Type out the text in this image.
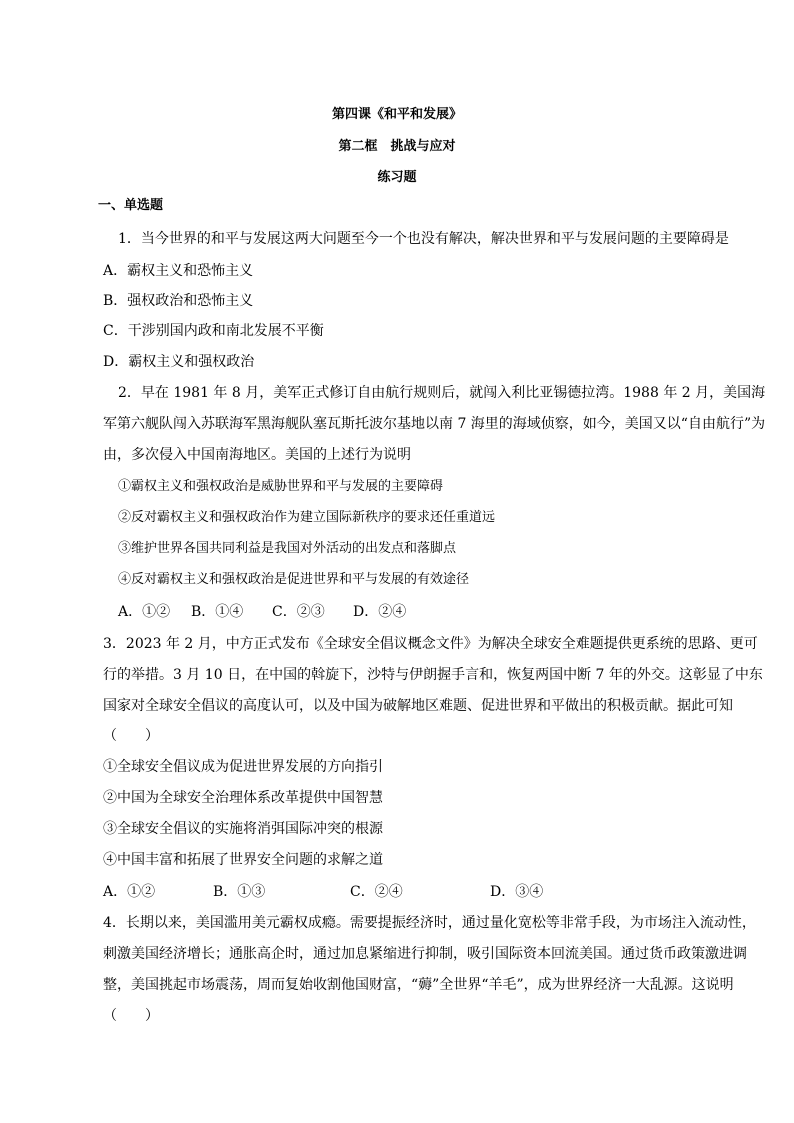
第四课《和平和发展》
第二框　挑战与应对
练习题
一、单选题
1．当今世界的和平与发展这两大问题至今一个也没有解决，解决世界和平与发展问题的主要障碍是
A．霸权主义和恐怖主义
B．强权政治和恐怖主义
C．干涉别国内政和南北发展不平衡
D．霸权主义和强权政治
2．早在 1981 年 8 月，美军正式修订自由航行规则后，就闯入利比亚锡德拉湾。1988 年 2 月，美国海
军第六舰队闯入苏联海军黑海舰队塞瓦斯托波尔基地以南 7 海里的海域侦察，如今，美国又以“自由航行”为
由，多次侵入中国南海地区。美国的上述行为说明
①霸权主义和强权政治是威胁世界和平与发展的主要障碍
②反对霸权主义和强权政治作为建立国际新秩序的要求还任重道远
③维护世界各国共同利益是我国对外活动的出发点和落脚点
④反对霸权主义和强权政治是促进世界和平与发展的有效途径
A．①② B．①④ C．②③ D．②④
3．2023 年 2 月，中方正式发布《全球安全倡议概念文件》为解决全球安全难题提供更系统的思路、更可
行的举措。3 月 10 日，在中国的斡旋下，沙特与伊朗握手言和，恢复两国中断 7 年的外交。这彰显了中东
国家对全球安全倡议的高度认可，以及中国为破解地区难题、促进世界和平做出的积极贡献。据此可知
（　　）
①全球安全倡议成为促进世界发展的方向指引
②中国为全球安全治理体系改革提供中国智慧
③全球安全倡议的实施将消弭国际冲突的根源
④中国丰富和拓展了世界安全问题的求解之道
A．①②	B．①③	C．②④	D．③④
4．长期以来，美国滥用美元霸权成瘾。需要提振经济时，通过量化宽松等非常手段，为市场注入流动性，
刺激美国经济增长；通胀高企时，通过加息紧缩进行抑制，吸引国际资本回流美国。通过货币政策激进调
整，美国挑起市场震荡，周而复始收割他国财富，“薅”全世界“羊毛”，成为世界经济一大乱源。这说明
（　　）
